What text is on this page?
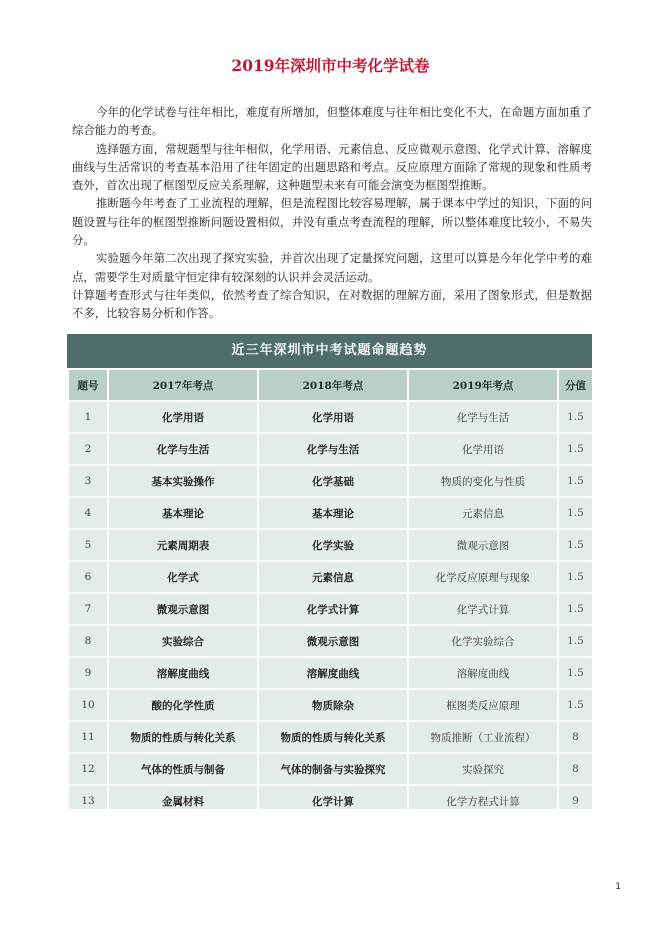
2019年深圳市中考化学试卷

今年的化学试卷与往年相比，难度有所增加，但整体难度与往年相比变化不大，在命题方面加重了综合能力的考查。

选择题方面，常规题型与往年相似，化学用语、元素信息、反应微观示意图、化学式计算、溶解度曲线与生活常识的考查基本沿用了往年固定的出题思路和考点。反应原理方面除了常规的现象和性质考查外，首次出现了框图型反应关系理解，这种题型未来有可能会演变为框图型推断。

推断题今年考查了工业流程的理解，但是流程图比较容易理解，属于课本中学过的知识，下面的问题设置与往年的框图型推断问题设置相似，并没有重点考查流程的理解，所以整体难度比较小，不易失分。

实验题今年第二次出现了探究实验，并首次出现了定量探究问题，这里可以算是今年化学中考的难点，需要学生对质量守恒定律有较深刻的认识并会灵活运动。

计算题考查形式与往年类似，依然考查了综合知识，在对数据的理解方面，采用了图象形式，但是数据不多，比较容易分析和作答。

近三年深圳市中考试题命题趋势
题号	2017年考点	2018年考点	2019年考点	分值
1	化学用语	化学用语	化学与生活	1.5
2	化学与生活	化学与生活	化学用语	1.5
3	基本实验操作	化学基础	物质的变化与性质	1.5
4	基本理论	基本理论	元素信息	1.5
5	元素周期表	化学实验	微观示意图	1.5
6	化学式	元素信息	化学反应原理与现象	1.5
7	微观示意图	化学式计算	化学式计算	1.5
8	实验综合	微观示意图	化学实验综合	1.5
9	溶解度曲线	溶解度曲线	溶解度曲线	1.5
10	酸的化学性质	物质除杂	框图类反应原理	1.5
11	物质的性质与转化关系	物质的性质与转化关系	物质推断（工业流程）	8
12	气体的性质与制备	气体的制备与实验探究	实验探究	8
13	金属材料	化学计算	化学方程式计算	9
1
